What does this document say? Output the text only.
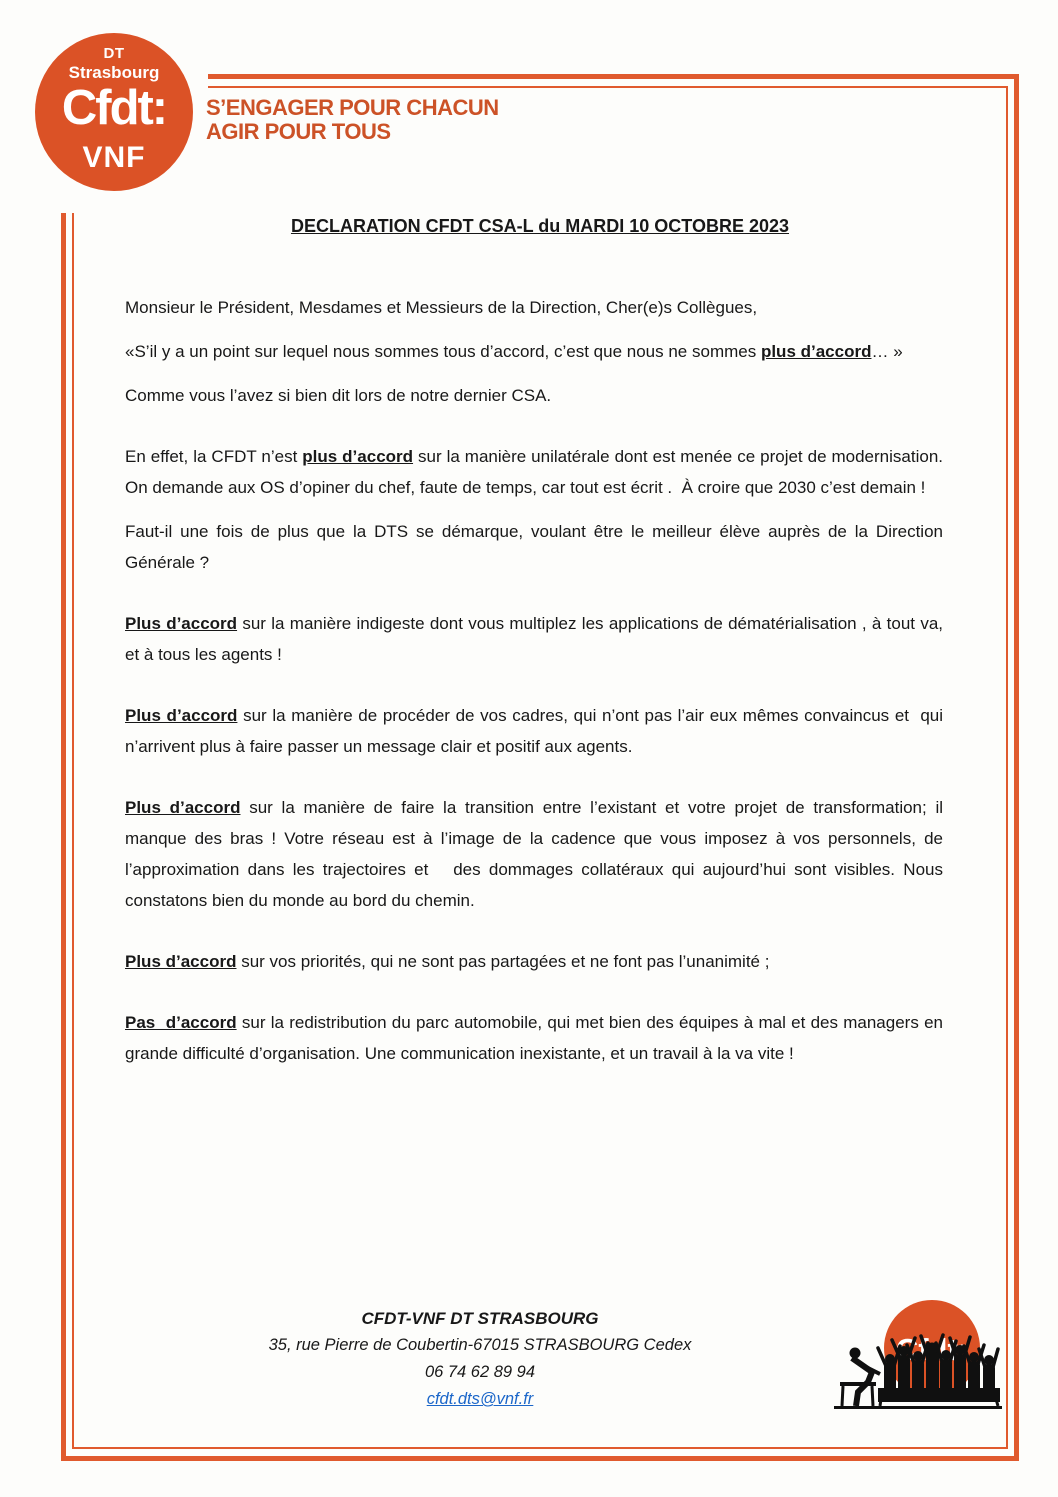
DT
Strasbourg
Cfdt:
VNF
S’ENGAGER POUR CHACUN
AGIR POUR TOUS
DECLARATION CFDT CSA-L du MARDI 10 OCTOBRE 2023

Monsieur le Président, Mesdames et Messieurs de la Direction, Cher(e)s Collègues,

«S’il y a un point sur lequel nous sommes tous d’accord, c’est que nous ne sommes plus d’accord… »

Comme vous l’avez si bien dit lors de notre dernier CSA.

En effet, la CFDT n’est plus d’accord sur la manière unilatérale dont est menée ce projet de modernisation. On demande aux OS d’opiner du chef, faute de temps, car tout est écrit .  À croire que 2030 c’est demain !

Faut-il une fois de plus que la DTS se démarque, voulant être le meilleur élève auprès de la Direction Générale ?

Plus d’accord sur la manière indigeste dont vous multiplez les applications de dématérialisation , à tout va,  et à tous les agents !

Plus d’accord sur la manière de procéder de vos cadres, qui n’ont pas l’air eux mêmes convaincus et  qui n’arrivent plus à faire passer un message clair et positif aux agents.

Plus d’accord sur la manière de faire la transition entre l’existant et votre projet de transformation; il manque des bras ! Votre réseau est à l’image de la cadence que vous imposez à vos personnels, de l’approximation dans les trajectoires et   des dommages collatéraux qui aujourd’hui sont visibles. Nous constatons bien du monde au bord du chemin.

Plus d’accord sur vos priorités, qui ne sont pas partagées et ne font pas l’unanimité ;

Pas  d’accord sur la redistribution du parc automobile, qui met bien des équipes à mal et des managers en grande difficulté d’organisation. Une communication inexistante, et un travail à la va vite !

CFDT-VNF DT STRASBOURG
35, rue Pierre de Coubertin-67015 STRASBOURG Cedex
06 74 62 89 94
cfdt.dts@vnf.fr
